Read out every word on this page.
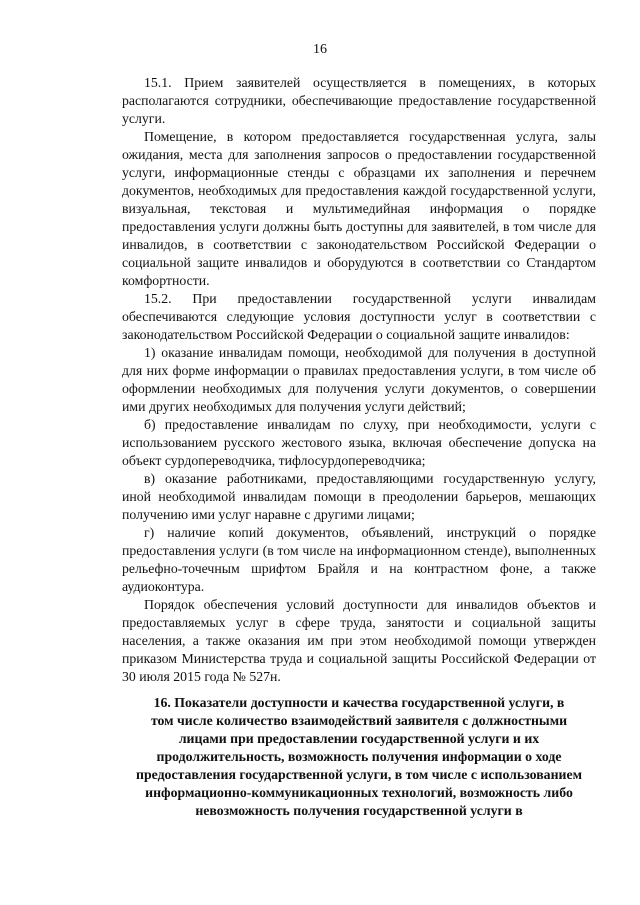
16

15.1. Прием заявителей осуществляется в помещениях, в которых располагаются сотрудники, обеспечивающие предоставление государственной услуги.

Помещение, в котором предоставляется государственная услуга, залы ожидания, места для заполнения запросов о предоставлении государственной услуги, информационные стенды с образцами их заполнения и перечнем документов, необходимых для предоставления каждой государственной услуги, визуальная, текстовая и мультимедийная информация о порядке предоставления услуги должны быть доступны для заявителей, в том числе для инвалидов, в соответствии с законодательством Российской Федерации о социальной защите инвалидов и оборудуются в соответствии со Стандартом комфортности.

15.2. При предоставлении государственной услуги инвалидам обеспечиваются следующие условия доступности услуг в соответствии с законодательством Российской Федерации о социальной защите инвалидов:

1) оказание инвалидам помощи, необходимой для получения в доступной для них форме информации о правилах предоставления услуги, в том числе об оформлении необходимых для получения услуги документов, о совершении ими других необходимых для получения услуги действий;

б) предоставление инвалидам по слуху, при необходимости, услуги с использованием русского жестового языка, включая обеспечение допуска на объект сурдопереводчика, тифлосурдопереводчика;

в) оказание работниками, предоставляющими государственную услугу, иной необходимой инвалидам помощи в преодолении барьеров, мешающих получению ими услуг наравне с другими лицами;

г) наличие копий документов, объявлений, инструкций о порядке предоставления услуги (в том числе на информационном стенде), выполненных рельефно-точечным шрифтом Брайля и на контрастном фоне, а также аудиоконтура.

Порядок обеспечения условий доступности для инвалидов объектов и предоставляемых услуг в сфере труда, занятости и социальной защиты населения, а также оказания им при этом необходимой помощи утвержден приказом Министерства труда и социальной защиты Российской Федерации от 30 июля 2015 года № 527н.

16. Показатели доступности и качества государственной услуги, в
том числе количество взаимодействий заявителя с должностными
лицами при предоставлении государственной услуги и их
продолжительность, возможность получения информации о ходе
предоставления государственной услуги, в том числе с использованием
информационно-коммуникационных технологий, возможность либо
невозможность получения государственной услуги в
